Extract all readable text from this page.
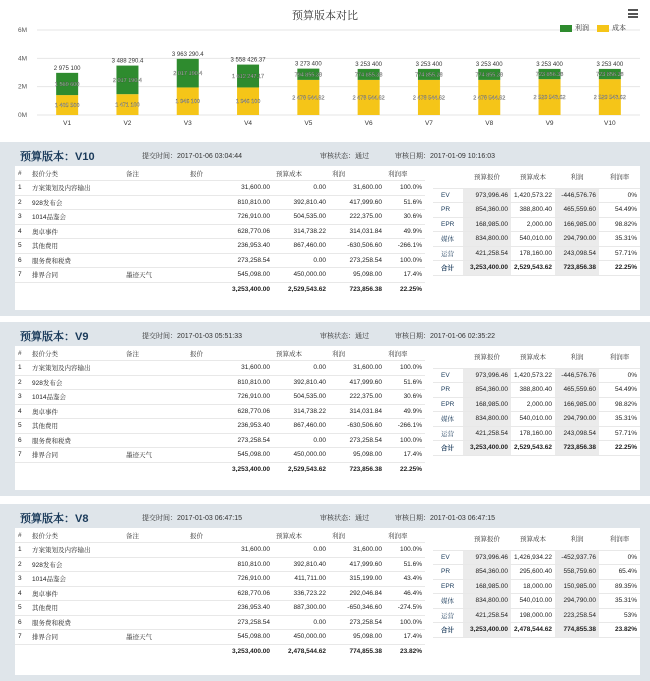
0M
2M
4M
6M
2 975 100
1 569 600
1 405 500
V1
3 488 290.4
2 017 190.4
1 471 100
V2
3 963 290.4
2 017 190.4
1 946 100
V3
3 558 426.37
1 612 247.17
1 946 100
V4
3 273 400
794 855.38
2 478 544.62
V5
3 253 400
774 855.38
2 478 544.62
V6
3 253 400
774 855.38
2 478 544.62
V7
3 253 400
774 855.38
2 478 544.62
V8
3 253 400
723 856.38
2 529 543.62
V9
3 253 400
723 856.38
2 529 543.62
V10
预算版本对比
利润	成本
预算版本：V10	提交时间：2017-01-06 03:04:44	审核状态：通过	审核日期：2017-01-09 10:16:03
#	报价分类	备注	报价	预算成本	利润	利润率
1	方案策划及内容输出		31,600.00	0.00	31,600.00	100.0%
2	928发布会		810,810.00	392,810.40	417,999.60	51.6%
3	1014品鉴会		726,910.00	504,535.00	222,375.00	30.6%
4	奥卓事件		628,770.06	314,738.22	314,031.84	49.9%
5	其他费用		236,953.40	867,460.00	-630,506.60	-266.1%
6	服务费和税费		273,258.54	0.00	273,258.54	100.0%
7	排界合同	墨迹天气	545,098.00	450,000.00	95,098.00	17.4%
			3,253,400.00	2,529,543.62	723,856.38	22.25%
	预算报价	预算成本	利润	利润率
EV	973,996.46	1,420,573.22	-446,576.76	0%
PR	854,360.00	388,800.40	465,559.60	54.49%
EPR	168,985.00	2,000.00	166,985.00	98.82%
媒体	834,800.00	540,010.00	294,790.00	35.31%
运营	421,258.54	178,160.00	243,098.54	57.71%
合计	3,253,400.00	2,529,543.62	723,856.38	22.25%
预算版本：V9	提交时间：2017-01-03 05:51:33	审核状态：通过	审核日期：2017-01-06 02:35:22
#	报价分类	备注	报价	预算成本	利润	利润率
1	方案策划及内容输出		31,600.00	0.00	31,600.00	100.0%
2	928发布会		810,810.00	392,810.40	417,999.60	51.6%
3	1014品鉴会		726,910.00	504,535.00	222,375.00	30.6%
4	奥卓事件		628,770.06	314,738.22	314,031.84	49.9%
5	其他费用		236,953.40	867,460.00	-630,506.60	-266.1%
6	服务费和税费		273,258.54	0.00	273,258.54	100.0%
7	排界合同	墨迹天气	545,098.00	450,000.00	95,098.00	17.4%
			3,253,400.00	2,529,543.62	723,856.38	22.25%
	预算报价	预算成本	利润	利润率
EV	973,996.46	1,420,573.22	-446,576.76	0%
PR	854,360.00	388,800.40	465,559.60	54.49%
EPR	168,985.00	2,000.00	166,985.00	98.82%
媒体	834,800.00	540,010.00	294,790.00	35.31%
运营	421,258.54	178,160.00	243,098.54	57.71%
合计	3,253,400.00	2,529,543.62	723,856.38	22.25%
预算版本：V8	提交时间：2017-01-03 06:47:15	审核状态：通过	审核日期：2017-01-03 06:47:15
#	报价分类	备注	报价	预算成本	利润	利润率
1	方案策划及内容输出		31,600.00	0.00	31,600.00	100.0%
2	928发布会		810,810.00	392,810.40	417,999.60	51.6%
3	1014品鉴会		726,910.00	411,711.00	315,199.00	43.4%
4	奥卓事件		628,770.06	336,723.22	292,046.84	46.4%
5	其他费用		236,953.40	887,300.00	-650,346.60	-274.5%
6	服务费和税费		273,258.54	0.00	273,258.54	100.0%
7	排界合同	墨迹天气	545,098.00	450,000.00	95,098.00	17.4%
			3,253,400.00	2,478,544.62	774,855.38	23.82%
	预算报价	预算成本	利润	利润率
EV	973,996.46	1,426,934.22	-452,937.76	0%
PR	854,360.00	295,600.40	558,759.60	65.4%
EPR	168,985.00	18,000.00	150,985.00	89.35%
媒体	834,800.00	540,010.00	294,790.00	35.31%
运营	421,258.54	198,000.00	223,258.54	53%
合计	3,253,400.00	2,478,544.62	774,855.38	23.82%
